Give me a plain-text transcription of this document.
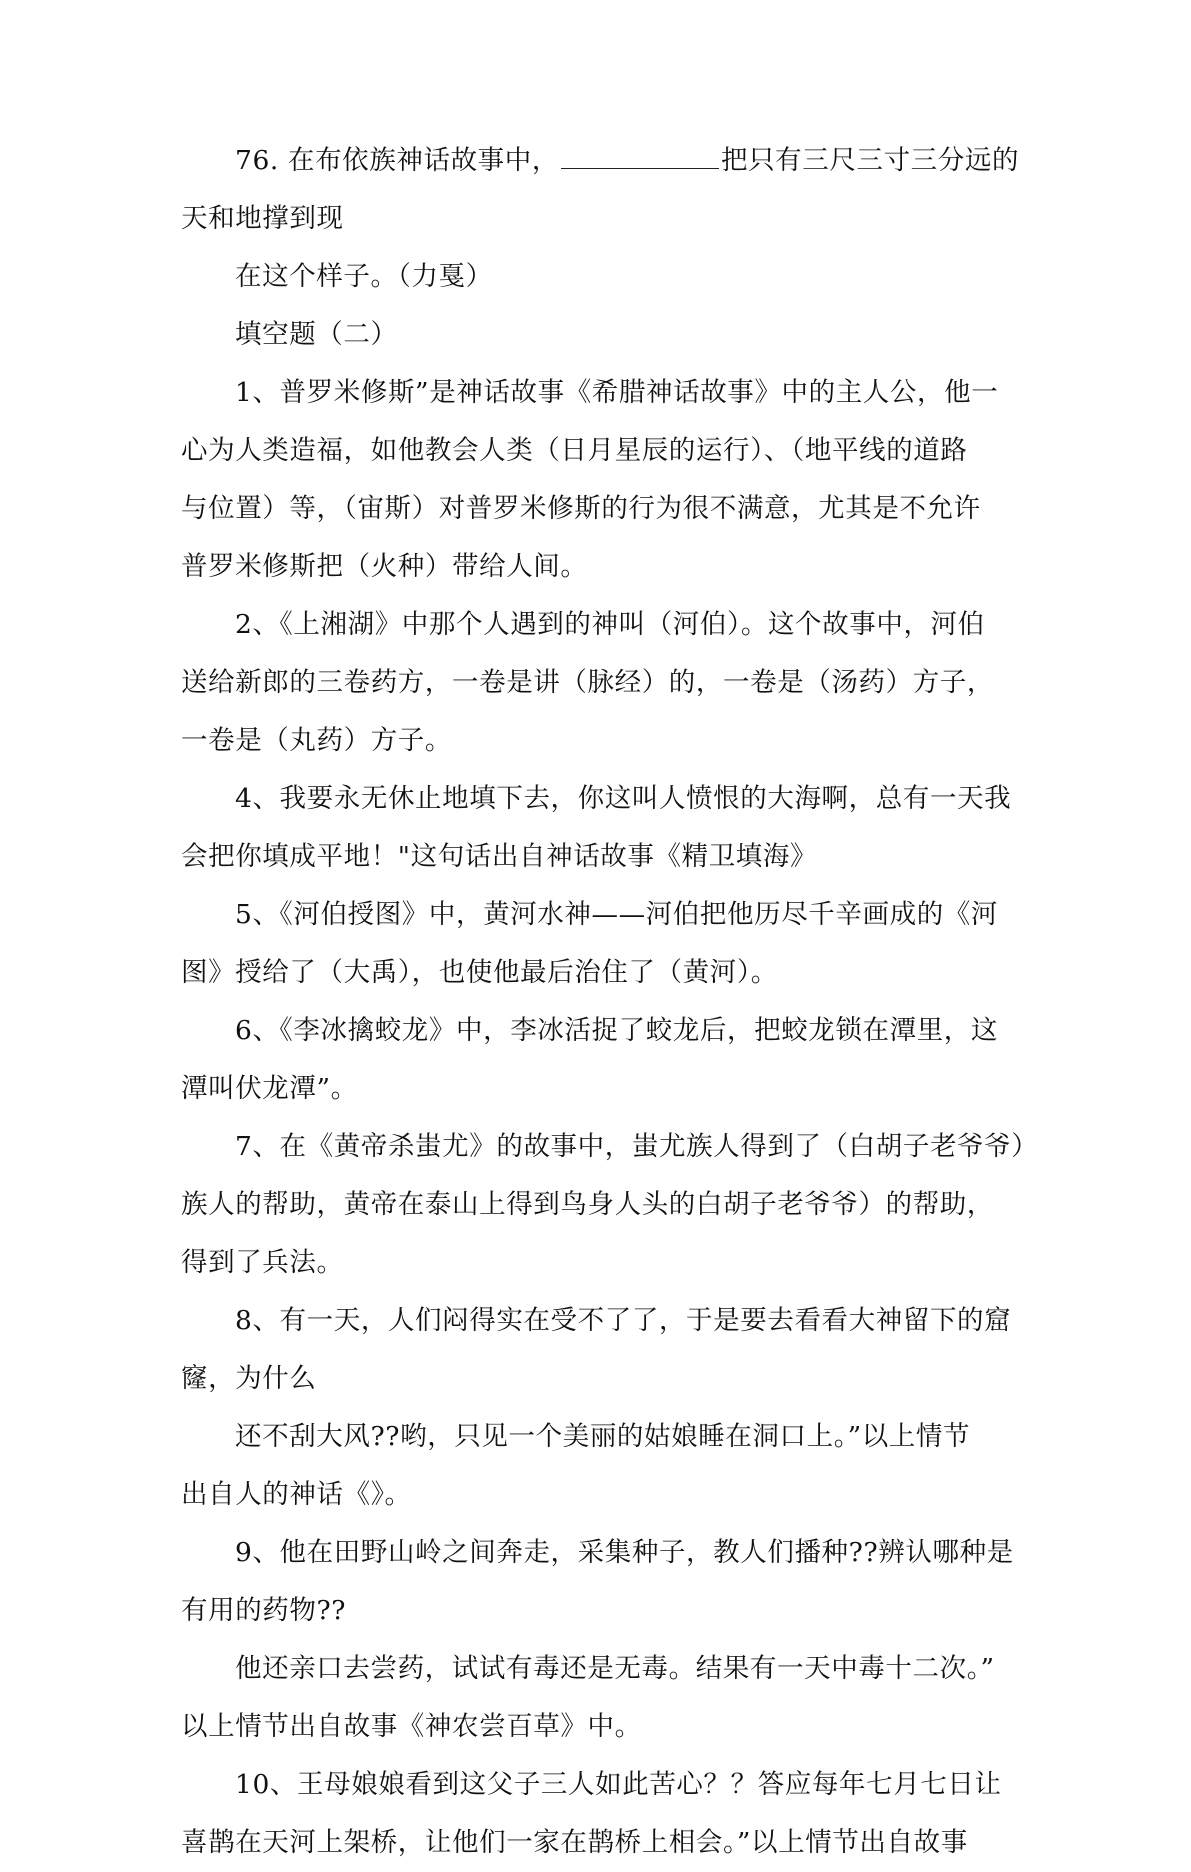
76. 在布依族神话故事中，	把只有三尺三寸三分远的
天和地撑到现
在这个样子。（力戛）
填空题（二）
1、普罗米修斯”是神话故事《希腊神话故事》中的主人公，他一
心为人类造福，如他教会人类（日月星辰的运行）、（地平线的道路
与位置）等，（宙斯）对普罗米修斯的行为很不满意，尤其是不允许
普罗米修斯把（火种）带给人间。
2、《上湘湖》中那个人遇到的神叫（河伯）。这个故事中，河伯
送给新郎的三卷药方，一卷是讲（脉经）的，一卷是（汤药）方子，
一卷是（丸药）方子。
4、我要永无休止地填下去，你这叫人愤恨的大海啊，总有一天我
会把你填成平地！"这句话出自神话故事《精卫填海》
5、《河伯授图》中，黄河水神——河伯把他历尽千辛画成的《河
图》授给了（大禹），也使他最后治住了（黄河）。
6、《李冰擒蛟龙》中，李冰活捉了蛟龙后，把蛟龙锁在潭里，这
潭叫伏龙潭”。
7、在《黄帝杀蚩尤》的故事中，蚩尤族人得到了（白胡子老爷爷）
族人的帮助，黄帝在泰山上得到鸟身人头的白胡子老爷爷）的帮助，
得到了兵法。
8、有一天，人们闷得实在受不了了，于是要去看看大神留下的窟
窿，为什么
还不刮大风??哟，只见一个美丽的姑娘睡在洞口上。”以上情节
出自人的神话《》。
9、他在田野山岭之间奔走，采集种子，教人们播种??辨认哪种是
有用的药物??
他还亲口去尝药，试试有毒还是无毒。结果有一天中毒十二次。”
以上情节出自故事《神农尝百草》中。
10、王母娘娘看到这父子三人如此苦心？？答应每年七月七日让
喜鹊在天河上架桥，让他们一家在鹊桥上相会。”以上情节出自故事
